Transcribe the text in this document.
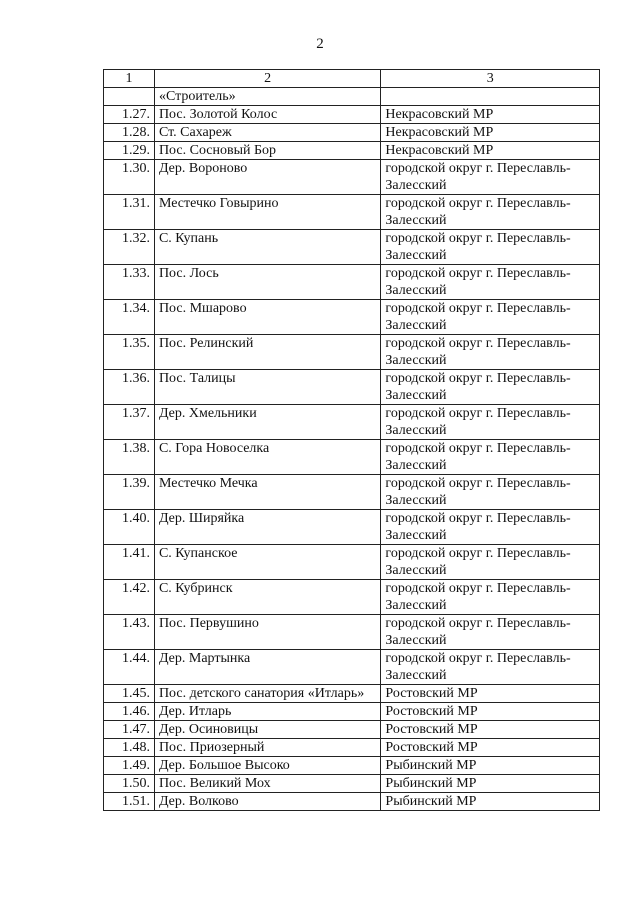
2
1	2	3
	«Строитель»	
1.27.	Пос. Золотой Колос	Некрасовский МР
1.28.	Ст. Сахареж	Некрасовский МР
1.29.	Пос. Сосновый Бор	Некрасовский МР
1.30.	Дер. Вороново	городской округ г. Переславль-Залесский
1.31.	Местечко Говырино	городской округ г. Переславль-Залесский
1.32.	С. Купань	городской округ г. Переславль-Залесский
1.33.	Пос. Лось	городской округ г. Переславль-Залесский
1.34.	Пос. Мшарово	городской округ г. Переславль-Залесский
1.35.	Пос. Релинский	городской округ г. Переславль-Залесский
1.36.	Пос. Талицы	городской округ г. Переславль-Залесский
1.37.	Дер. Хмельники	городской округ г. Переславль-Залесский
1.38.	С. Гора Новоселка	городской округ г. Переславль-Залесский
1.39.	Местечко Мечка	городской округ г. Переславль-Залесский
1.40.	Дер. Ширяйка	городской округ г. Переславль-Залесский
1.41.	С. Купанское	городской округ г. Переславль-Залесский
1.42.	С. Кубринск	городской округ г. Переславль-Залесский
1.43.	Пос. Первушино	городской округ г. Переславль-Залесский
1.44.	Дер. Мартынка	городской округ г. Переславль-Залесский
1.45.	Пос. детского санатория «Итларь»	Ростовский МР
1.46.	Дер. Итларь	Ростовский МР
1.47.	Дер. Осиновицы	Ростовский МР
1.48.	Пос. Приозерный	Ростовский МР
1.49.	Дер. Большое Высоко	Рыбинский МР
1.50.	Пос. Великий Мох	Рыбинский МР
1.51.	Дер. Волково	Рыбинский МР
